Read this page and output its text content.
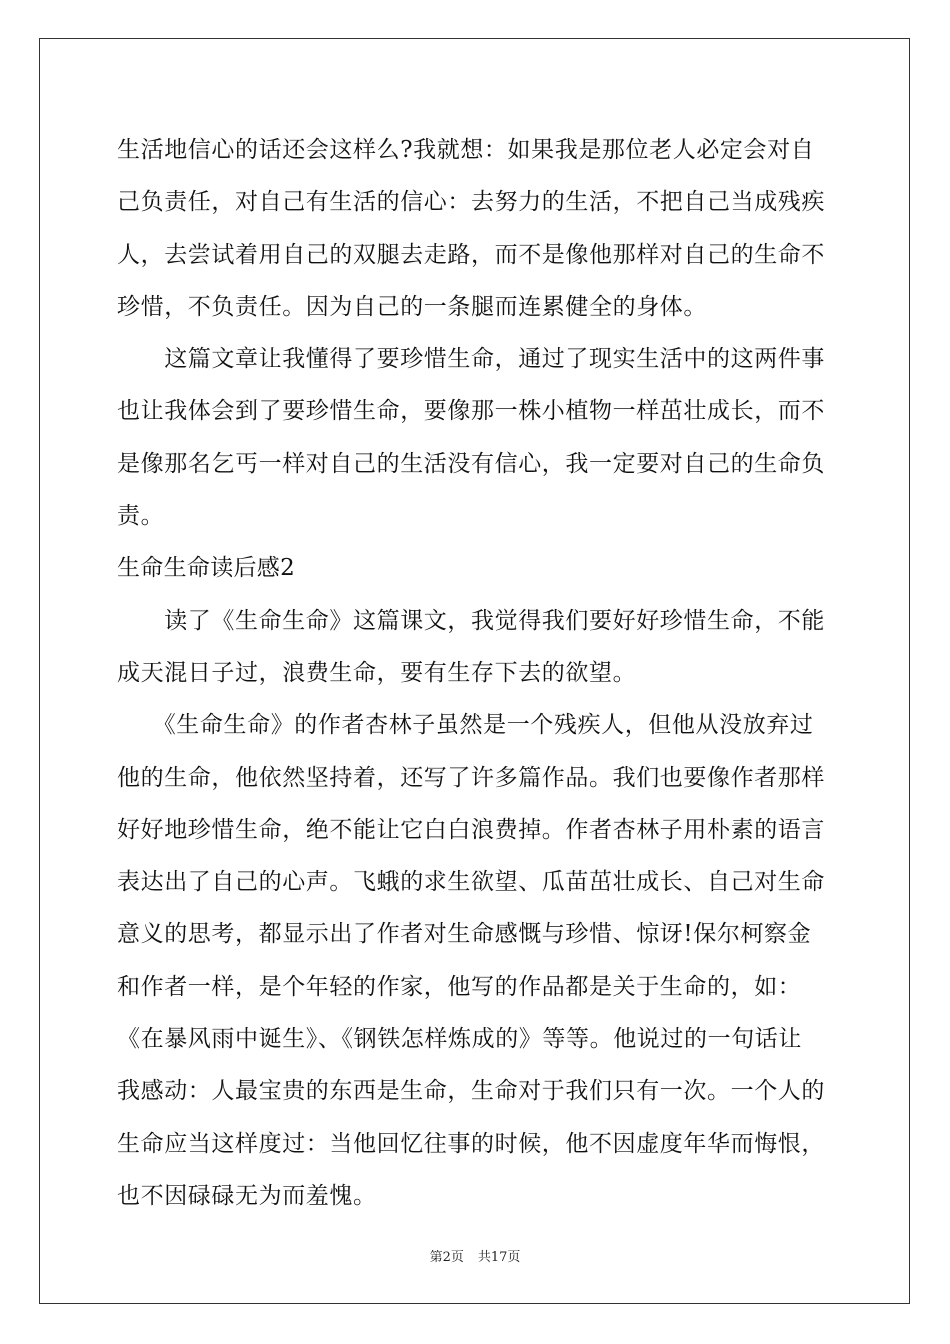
生活地信心的话还会这样么?我就想：如果我是那位老人必定会对自
己负责任，对自己有生活的信心：去努力的生活，不把自己当成残疾
人，去尝试着用自己的双腿去走路，而不是像他那样对自己的生命不
珍惜，不负责任。因为自己的一条腿而连累健全的身体。
　　这篇文章让我懂得了要珍惜生命，通过了现实生活中的这两件事
也让我体会到了要珍惜生命，要像那一株小植物一样茁壮成长，而不
是像那名乞丐一样对自己的生活没有信心，我一定要对自己的生命负
责。
生命生命读后感2
　　读了《生命生命》这篇课文，我觉得我们要好好珍惜生命，不能
成天混日子过，浪费生命，要有生存下去的欲望。
　　《生命生命》的作者杏林子虽然是一个残疾人，但他从没放弃过
他的生命，他依然坚持着，还写了许多篇作品。我们也要像作者那样
好好地珍惜生命，绝不能让它白白浪费掉。作者杏林子用朴素的语言
表达出了自己的心声。飞蛾的求生欲望、瓜苗茁壮成长、自己对生命
意义的思考，都显示出了作者对生命感慨与珍惜、惊讶!保尔柯察金
和作者一样，是个年轻的作家，他写的作品都是关于生命的，如：
《在暴风雨中诞生》、《钢铁怎样炼成的》等等。他说过的一句话让
我感动：人最宝贵的东西是生命，生命对于我们只有一次。一个人的
生命应当这样度过：当他回忆往事的时候，他不因虚度年华而悔恨，
也不因碌碌无为而羞愧。
第2页 共17页
